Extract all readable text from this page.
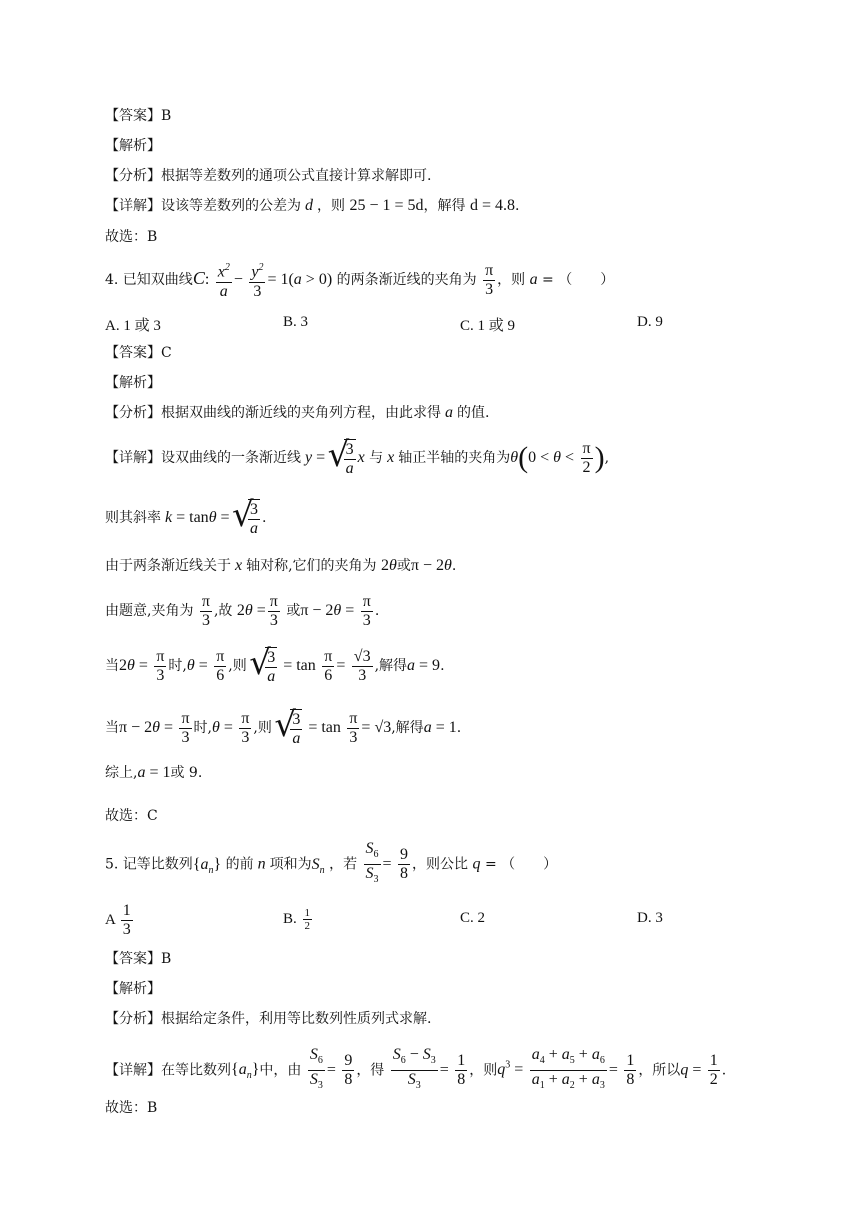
【答案】B
【解析】
【分析】根据等差数列的通项公式直接计算求解即可.
【详解】设该等差数列的公差为 d ，则 25 − 1 = 5d，解得 d = 4.8.
故选：B
4. 已知双曲线C: $\frac{x^2}{a} - \frac{y^2}{3} = 1(a > 0)$ 的两条渐近线的夹角为 $\frac{\pi}{3}$ ，则 a = （　　）
A. 1 或 3	B. 3	C. 1 或 9	D. 9
【答案】C
【解析】
【分析】根据双曲线的渐近线的夹角列方程，由此求得 a 的值.
【详解】设双曲线的一条渐近线 y = √ $\frac{3}{a}$ x 与 x 轴正半轴的夹角为$\theta(0 < \theta < \frac{\pi}{2}$ ),
则其斜率 k = tanθ = √ $\frac{3}{a}$ .
由于两条渐近线关于 x 轴对称,它们的夹角为 2θ或π − 2θ.
由题意,夹角为 $\frac{\pi}{3}$ ,故 $2\theta = \frac{\pi}{3}$ 或$\pi - 2\theta = \frac{\pi}{3}$ .
当$2\theta = \frac{\pi}{3}$ 时$,\theta = \frac{\pi}{6}$ ,则 √ $\frac{3}{a} = \tan \frac{\pi}{6} = \frac{√3}{3}$ ,解得a = 9.
当$\pi - 2\theta = \frac{\pi}{3}$ 时$,\theta = \frac{\pi}{3}$ ,则 √ $\frac{3}{a} = \tan \frac{\pi}{3} = √3$,解得a = 1.
综上,a = 1或 9.
故选：C
5. 记等比数列$\{a_n\}$ 的前 n 项和为$S_n$ ，若 $\frac{S_6}{S_3} = \frac{9}{8}$ ，则公比 q = （　　）
A $\frac{1}{3}$	B. $\frac{1}{2}$	C. 2	D. 3
【答案】B
【解析】
【分析】根据给定条件，利用等比数列性质列式求解.
【详解】在等比数列$\{a_n\}$中，由 $\frac{S_6}{S_3} = \frac{9}{8}$ ，得 $\frac{S_6 - S_3}{S_3} = \frac{1}{8}$ ，则$q^3 = \frac{a_4 + a_5 + a_6}{a_1 + a_2 + a_3} = \frac{1}{8}$ ，所以$q = \frac{1}{2}$ .
故选：B
